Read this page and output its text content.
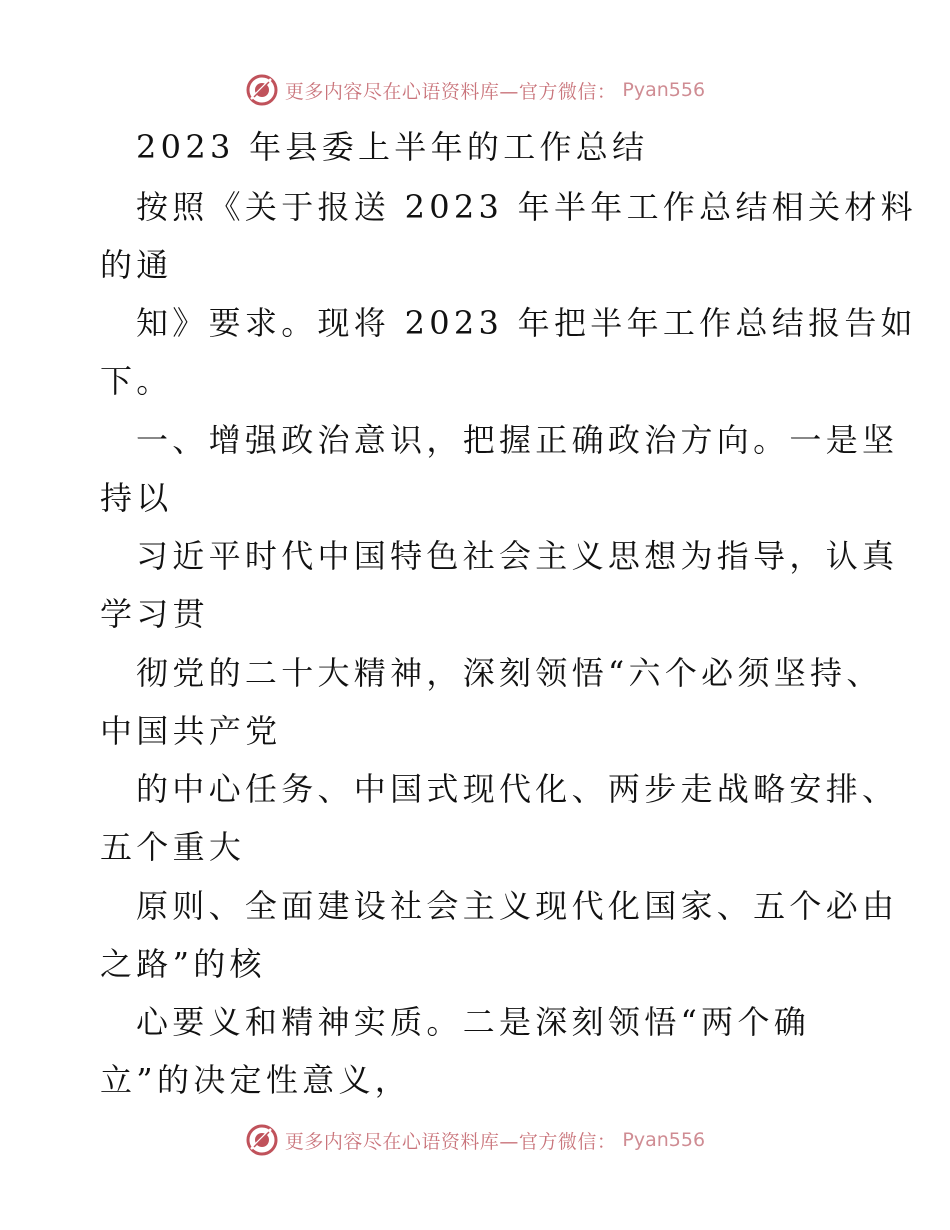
更多内容尽在心语资料库—官方微信： Pyan556
2023 年县委上半年的工作总结
按照《关于报送 2023 年半年工作总结相关材料
的通
知》要求。现将 2023 年把半年工作总结报告如
下。
一、增强政治意识，把握正确政治方向。一是坚
持以
习近平时代中国特色社会主义思想为指导，认真
学习贯
彻党的二十大精神，深刻领悟“六个必须坚持、
中国共产党
的中心任务、中国式现代化、两步走战略安排、
五个重大
原则、全面建设社会主义现代化国家、五个必由
之路”的核
心要义和精神实质。二是深刻领悟“两个确
立”的决定性意义，
更多内容尽在心语资料库—官方微信： Pyan556
